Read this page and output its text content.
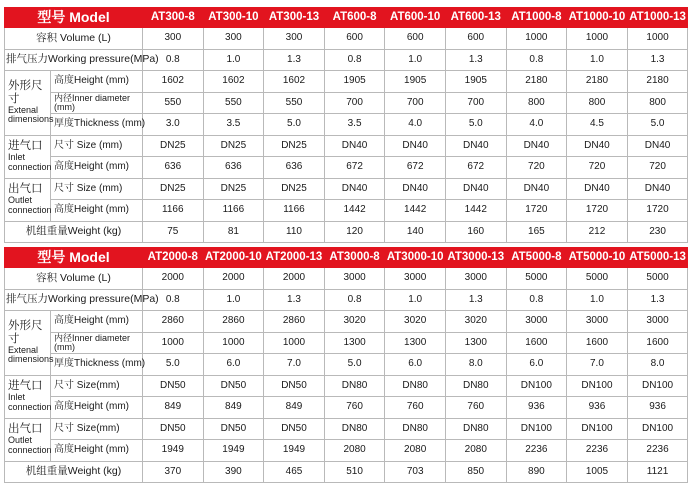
型号 Model		AT300-8	AT300-10	AT300-13	AT600-8	AT600-10	AT600-13	AT1000-8	AT1000-10	AT1000-13
容积 Volume (L)		300	300	300	600	600	600	1000	1000	1000
排气压力Working pressure(MPa)		0.8	1.0	1.3	0.8	1.0	1.3	0.8	1.0	1.3

外形尺寸
Extenal dimensions	高度Height (mm)	1602	1602	1602	1905	1905	1905	2180	2180	2180
	内径Inner diameter (mm)	550	550	550	700	700	700	800	800	800
	厚度Thickness (mm)	3.0	3.5	5.0	3.5	4.0	5.0	4.0	4.5	5.0

进气口
Inlet connection	尺寸 Size (mm)	DN25	DN25	DN25	DN40	DN40	DN40	DN40	DN40	DN40
	高度Height (mm)	636	636	636	672	672	672	720	720	720

出气口
Outlet connection	尺寸 Size (mm)	DN25	DN25	DN25	DN40	DN40	DN40	DN40	DN40	DN40
	高度Height (mm)	1166	1166	1166	1442	1442	1442	1720	1720	1720
机组重量Weight (kg)		75	81	110	120	140	160	165	212	230
型号 Model		AT2000-8	AT2000-10	AT2000-13	AT3000-8	AT3000-10	AT3000-13	AT5000-8	AT5000-10	AT5000-13
容积 Volume (L)		2000	2000	2000	3000	3000	3000	5000	5000	5000
排气压力Working pressure(MPa)		0.8	1.0	1.3	0.8	1.0	1.3	0.8	1.0	1.3

外形尺寸
Extenal dimensions	高度Height (mm)	2860	2860	2860	3020	3020	3020	3000	3000	3000
	内径Inner diameter (mm)	1000	1000	1000	1300	1300	1300	1600	1600	1600
	厚度Thickness (mm)	5.0	6.0	7.0	5.0	6.0	8.0	6.0	7.0	8.0

进气口
Inlet connection	尺寸 Size(mm)	DN50	DN50	DN50	DN80	DN80	DN80	DN100	DN100	DN100
	高度Height (mm)	849	849	849	760	760	760	936	936	936

出气口
Outlet connection	尺寸 Size(mm)	DN50	DN50	DN50	DN80	DN80	DN80	DN100	DN100	DN100
	高度Height (mm)	1949	1949	1949	2080	2080	2080	2236	2236	2236
机组重量Weight (kg)		370	390	465	510	703	850	890	1005	1121
